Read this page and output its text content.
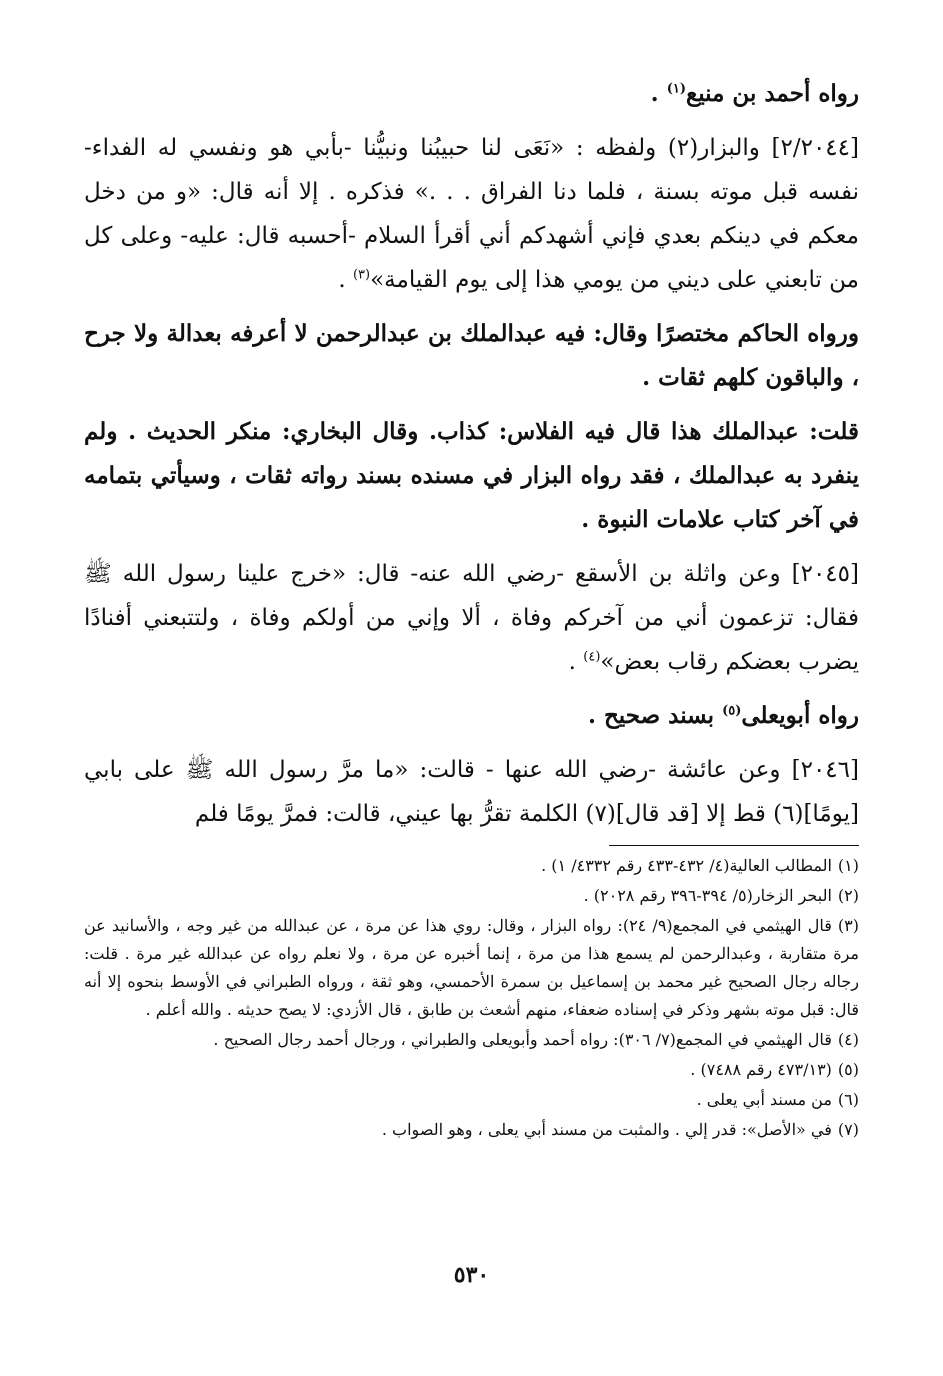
رواه أحمد بن منيع$^{(١)}$ .

[٢/٢٠٤٤] والبزار(٢) ولفظه : «نَعَى لنا حبيبُنا ونبيُّنا -بأبي هو ونفسي له الفداء- نفسه قبل موته بسنة ، فلما دنا الفراق . . .» فذكره . إلا أنه قال: «و من دخل معكم في دينكم بعدي فإني أشهدكم أني أقرأ السلام -أحسبه قال: عليه- وعلى كل من تابعني على ديني من يومي هذا إلى يوم القيامة»$^{(٣)}$ .

ورواه الحاكم مختصرًا وقال: فيه عبدالملك بن عبدالرحمن لا أعرفه بعدالة ولا جرح ، والباقون كلهم ثقات .

قلت: عبدالملك هذا قال فيه الفلاس: كذاب. وقال البخاري: منكر الحديث . ولم ينفرد به عبدالملك ، فقد رواه البزار في مسنده بسند رواته ثقات ، وسيأتي بتمامه في آخر كتاب علامات النبوة .

[٢٠٤٥] وعن واثلة بن الأسقع -رضي الله عنه- قال: «خرج علينا رسول الله ﷺ فقال: تزعمون أني من آخركم وفاة ، ألا وإني من أولكم وفاة ، ولتتبعني أفنادًا يضرب بعضكم رقاب بعض»$^{(٤)}$ .

رواه أبويعلى$^{(٥)}$ بسند صحيح .

[٢٠٤٦] وعن عائشة -رضي الله عنها - قالت: «ما مرَّ رسول الله ﷺ على بابي [يومًا](٦) قط إلا [قد قال](٧) الكلمة تقرُّ بها عيني، قالت: فمرَّ يومًا فلم

(١)المطالب العالية(٤/ ٤٣٢-٤٣٣ رقم ٤٣٣٢/ ١) .

(٢)البحر الزخار(٥/ ٣٩٤-٣٩٦ رقم ٢٠٢٨) .

(٣)قال الهيثمي في المجمع(٩/ ٢٤): رواه البزار ، وقال: روي هذا عن مرة ، عن عبدالله من غير وجه ، والأسانيد عن مرة متقاربة ، وعبدالرحمن لم يسمع هذا من مرة ، إنما أخبره عن مرة ، ولا نعلم رواه عن عبدالله غير مرة . قلت: رجاله رجال الصحيح غير محمد بن إسماعيل بن سمرة الأحمسي، وهو ثقة ، ورواه الطبراني في الأوسط بنحوه إلا أنه قال: قبل موته بشهر وذكر في إسناده ضعفاء، منهم أشعث بن طابق ، قال الأزدي: لا يصح حديثه . والله أعلم .

(٤)قال الهيثمي في المجمع(٧/ ٣٠٦): رواه أحمد وأبويعلى والطبراني ، ورجال أحمد رجال الصحيح .

(٥)(٤٧٣/١٣ رقم ٧٤٨٨) .

(٦)من مسند أبي يعلى .

(٧)في «الأصل»: قدر إلي . والمثبت من مسند أبي يعلى ، وهو الصواب .

٥٣٠
